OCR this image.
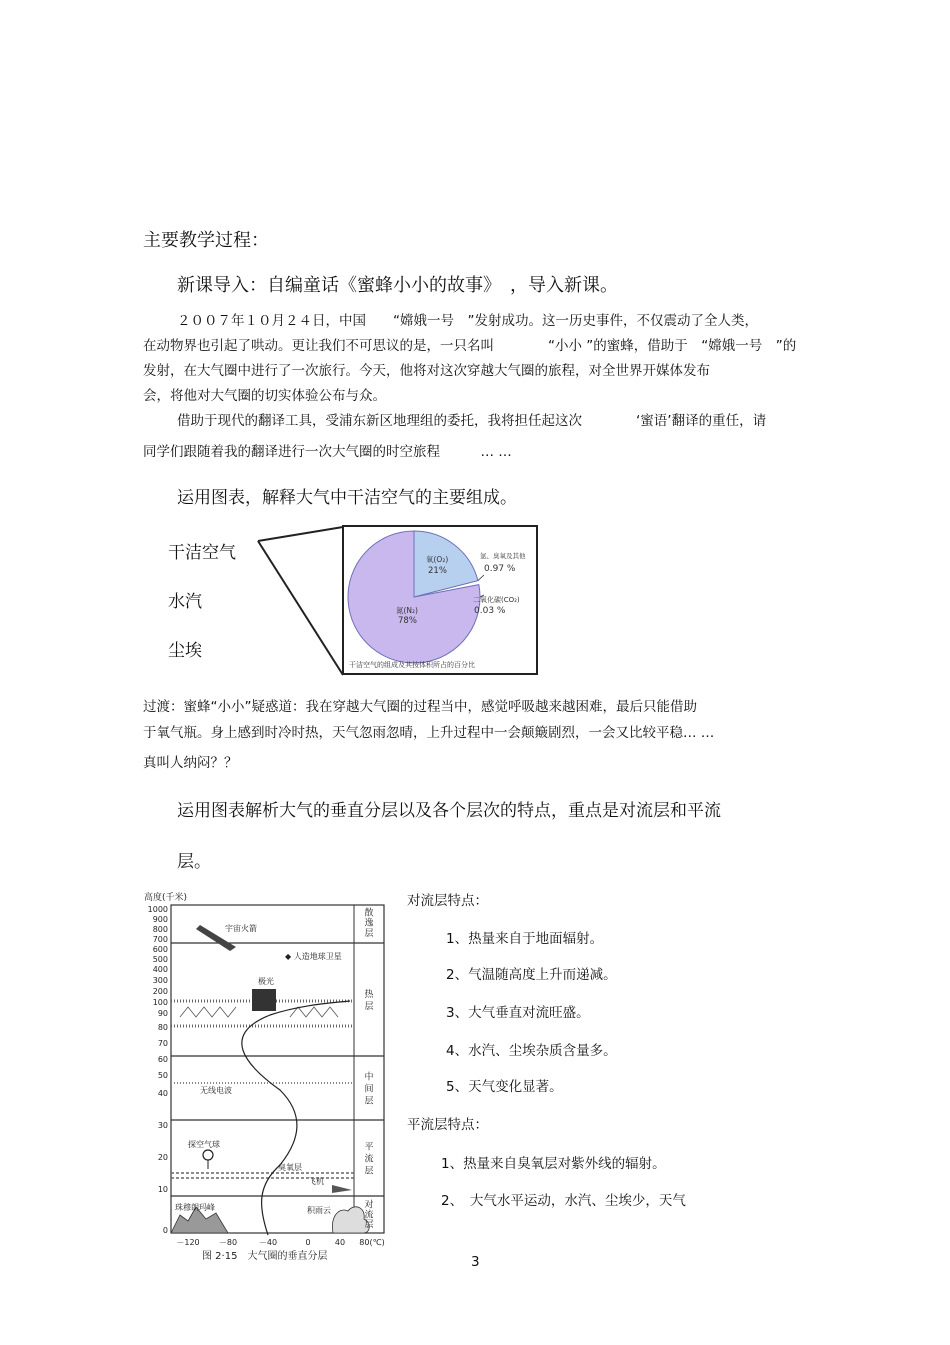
主要教学过程：
新课导入：自编童话《蜜蜂小小的故事》　，导入新课。
２００７年１０月２４日，中国　　“嫦娥一号　”发射成功。这一历史事件，不仅震动了全人类，
在动物界也引起了哄动。更让我们不可思议的是，一只名叫　　　　“小小 ”的蜜蜂，借助于　“嫦娥一号　”的
发射，在大气圈中进行了一次旅行。今天，他将对这次穿越大气圈的旅程，对全世界开媒体发布
会，将他对大气圈的切实体验公布与众。
借助于现代的翻译工具，受浦东新区地理组的委托，我将担任起这次　　　　‘蜜语’翻译的重任，请
同学们跟随着我的翻译进行一次大气圈的时空旅程　　　… …
运用图表，解释大气中干洁空气的主要组成。
干洁空气
水汽
尘埃
氮(N₂)
78%
氧(O₂)
21%
氩、臭氧及其他
0.97 %
二氧化碳(CO₂)
0.03 %
干洁空气的组成及其按体积所占的百分比
过渡：蜜蜂“小小”疑惑道：我在穿越大气圈的过程当中，感觉呼吸越来越困难，最后只能借助
于氧气瓶。身上感到时冷时热，天气忽雨忽晴，上升过程中一会颠簸剧烈，一会又比较平稳… …
真叫人纳闷？？
运用图表解析大气的垂直分层以及各个层次的特点，重点是对流层和平流
层。
1000
900
800
700
600
500
400
300
200
100
90
80
70
60
50
40
30
20
10
0
－120 －80	－40	0	40 80(℃)
高度(千米)
宇宙火箭
◆ 人造地球卫星
极光
无线电波
探空气球
臭氧层
飞机
珠穆朗玛峰	积雨云
散
逸
层
热
层
中
间
层
平
流
层
对
流
层
图 2·15　大气圈的垂直分层
对流层特点：
1、热量来自于地面辐射。
2、气温随高度上升而递减。
3、大气垂直对流旺盛。
4、水汽、尘埃杂质含量多。
5、天气变化显著。
平流层特点：
1、热量来自臭氧层对紫外线的辐射。
2、　大气水平运动，水汽、尘埃少，天气
3
